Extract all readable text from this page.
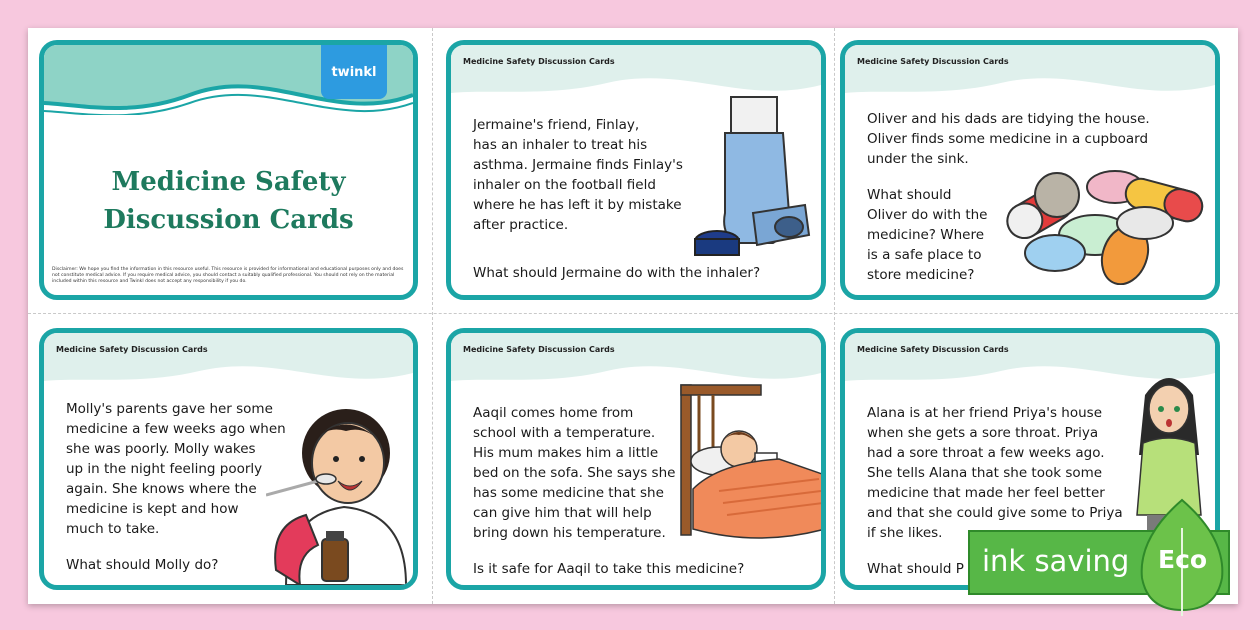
twinkl
Medicine Safety
Discussion Cards
Disclaimer: We hope you find the information in this resource useful. This resource is provided for informational and educational purposes only and does not constitute medical advice. If you require medical advice, you should contact a suitably qualified professional. You should not rely on the material included within this resource and Twinkl does not accept any responsibility if you do.
Medicine Safety Discussion Cards
Jermaine's friend, Finlay,
has an inhaler to treat his
asthma. Jermaine finds Finlay's
inhaler on the football field
where he has left it by mistake
after practice.
What should Jermaine do with the inhaler?
Medicine Safety Discussion Cards
Oliver and his dads are tidying the house.
Oliver finds some medicine in a cupboard
under the sink.
What should
Oliver do with the
medicine? Where
is a safe place to
store medicine?
Medicine Safety Discussion Cards
Molly's parents gave her some
medicine a few weeks ago when
she was poorly. Molly wakes
up in the night feeling poorly
again. She knows where the
medicine is kept and how
much to take.
What should Molly do?
Medicine Safety Discussion Cards
Aaqil comes home from
school with a temperature.
His mum makes him a little
bed on the sofa. She says she
has some medicine that she
can give him that will help
bring down his temperature.
Is it safe for Aaqil to take this medicine?
Medicine Safety Discussion Cards
Alana is at her friend Priya's house
when she gets a sore throat. Priya
had a sore throat a few weeks ago.
She tells Alana that she took some
medicine that made her feel better
and that she could give some to Priya
if she likes.
What should P ink saving Eco
